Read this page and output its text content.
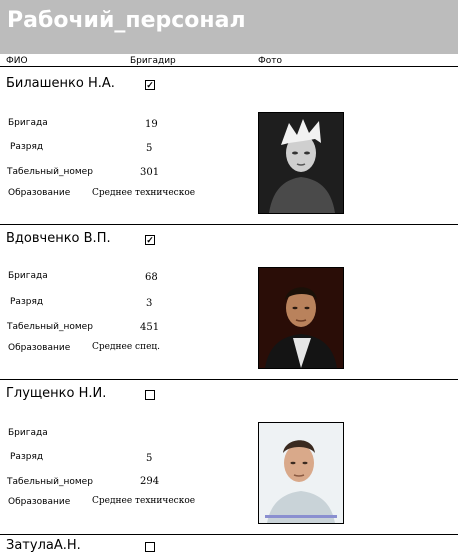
Рабочий_персонал
ФИО	Бригадир	Фото
Билашенко Н.А.	✓
Бригада	19
Разряд	5
Табельный_номер	301
Образование Среднее техническое
Вдовченко В.П.	✓
Бригада	68
Разряд	3
Табельный_номер	451
Образование Среднее спец.
Глущенко Н.И.
Бригада
Разряд	5
Табельный_номер	294
Образование Среднее техническое
ЗатулаА.Н.
